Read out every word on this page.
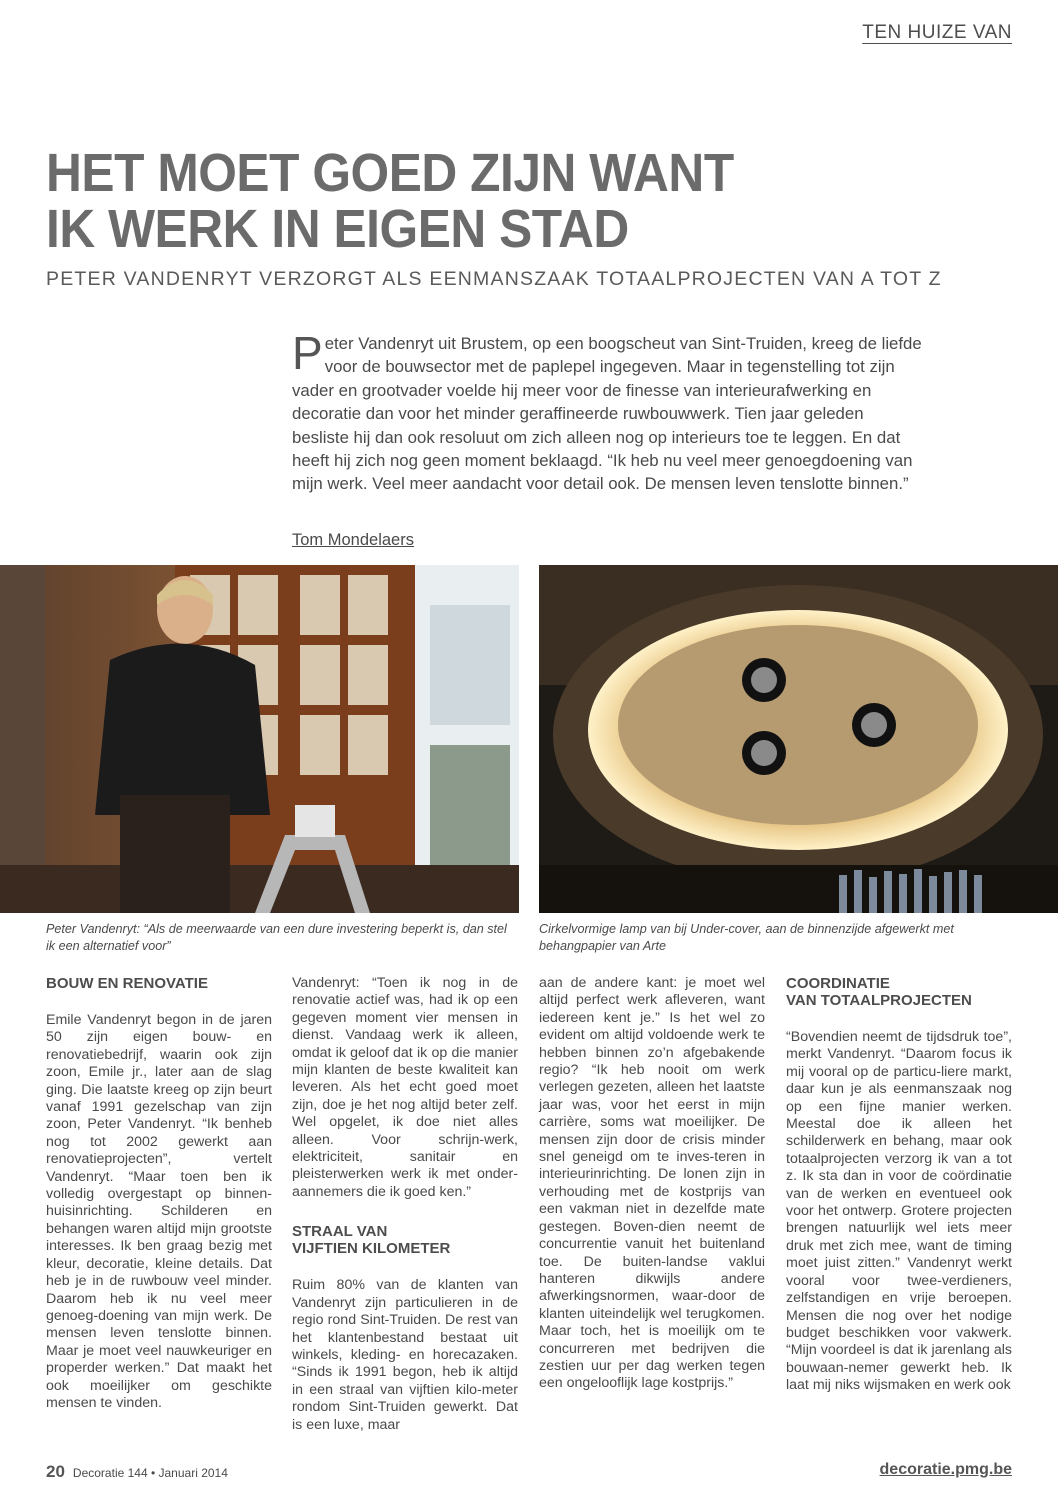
TEN HUIZE VAN
HET MOET GOED ZIJN WANT
IK WERK IN EIGEN STAD
PETER VANDENRYT VERZORGT ALS EENMANSZAAK TOTAALPROJECTEN VAN A TOT Z
Peter Vandenryt uit Brustem, op een boogscheut van Sint-Truiden, kreeg de liefde voor de bouwsector met de paplepel ingegeven. Maar in tegenstelling tot zijn vader en grootvader voelde hij meer voor de finesse van interieurafwerking en decoratie dan voor het minder geraffineerde ruwbouwwerk. Tien jaar geleden besliste hij dan ook resoluut om zich alleen nog op interieurs toe te leggen. En dat heeft hij zich nog geen moment beklaagd. “Ik heb nu veel meer genoegdoening van mijn werk. Veel meer aandacht voor detail ook. De mensen leven tenslotte binnen.”
Tom Mondelaers
Peter Vandenryt: “Als de meerwaarde van een dure investering beperkt is, dan stel ik een alternatief voor”
Cirkelvormige lamp van bij Under-cover, aan de binnenzijde afgewerkt met behangpapier van Arte
BOUW EN RENOVATIE

Emile Vandenryt begon in de jaren 50 zijn eigen bouw- en renovatiebedrijf, waarin ook zijn zoon, Emile jr., later aan de slag ging. Die laatste kreeg op zijn beurt vanaf 1991 gezelschap van zijn zoon, Peter Vandenryt. “Ik benheb nog tot 2002 gewerkt aan renovatieprojecten”, vertelt Vandenryt. “Maar toen ben ik volledig overgestapt op binnen-huisinrichting. Schilderen en behangen waren altijd mijn grootste interesses. Ik ben graag bezig met kleur, decoratie, kleine details. Dat heb je in de ruwbouw veel minder. Daarom heb ik nu veel meer genoeg-doening van mijn werk. De mensen leven tenslotte binnen. Maar je moet veel nauwkeuriger en properder werken.” Dat maakt het ook moeilijker om geschikte mensen te vinden.

Vandenryt: “Toen ik nog in de renovatie actief was, had ik op een gegeven moment vier mensen in dienst. Vandaag werk ik alleen, omdat ik geloof dat ik op die manier mijn klanten de beste kwaliteit kan leveren. Als het echt goed moet zijn, doe je het nog altijd beter zelf. Wel opgelet, ik doe niet alles alleen. Voor schrijn-werk, elektriciteit, sanitair en pleisterwerken werk ik met onder-aannemers die ik goed ken.”

STRAAL VAN
VIJFTIEN KILOMETER

Ruim 80% van de klanten van Vandenryt zijn particulieren in de regio rond Sint-Truiden. De rest van het klantenbestand bestaat uit winkels, kleding- en horecazaken. “Sinds ik 1991 begon, heb ik altijd in een straal van vijftien kilo-meter rondom Sint-Truiden gewerkt. Dat is een luxe, maar

aan de andere kant: je moet wel altijd perfect werk afleveren, want iedereen kent je.” Is het wel zo evident om altijd voldoende werk te hebben binnen zo’n afgebakende regio? “Ik heb nooit om werk verlegen gezeten, alleen het laatste jaar was, voor het eerst in mijn carrière, soms wat moeilijker. De mensen zijn door de crisis minder snel geneigd om te inves-teren in interieurinrichting. De lonen zijn in verhouding met de kostprijs van een vakman niet in dezelfde mate gestegen. Boven-dien neemt de concurrentie vanuit het buitenland toe. De buiten-landse vaklui hanteren dikwijls andere afwerkingsnormen, waar-door de klanten uiteindelijk wel terugkomen. Maar toch, het is moeilijk om te concurreren met bedrijven die zestien uur per dag werken tegen een ongelooflijk lage kostprijs.”

COORDINATIE
VAN TOTAALPROJECTEN

“Bovendien neemt de tijdsdruk toe”, merkt Vandenryt. “Daarom focus ik mij vooral op de particu-liere markt, daar kun je als eenmanszaak nog op een fijne manier werken. Meestal doe ik alleen het schilderwerk en behang, maar ook totaalprojecten verzorg ik van a tot z. Ik sta dan in voor de coördinatie van de werken en eventueel ook voor het ontwerp. Grotere projecten brengen natuurlijk wel iets meer druk met zich mee, want de timing moet juist zitten.” Vandenryt werkt vooral voor twee-verdieners, zelfstandigen en vrije beroepen. Mensen die nog over het nodige budget beschikken voor vakwerk. “Mijn voordeel is dat ik jarenlang als bouwaan-nemer gewerkt heb. Ik laat mij niks wijsmaken en werk ook

20 Decoratie 144 • Januari 2014	decoratie.pmg.be
